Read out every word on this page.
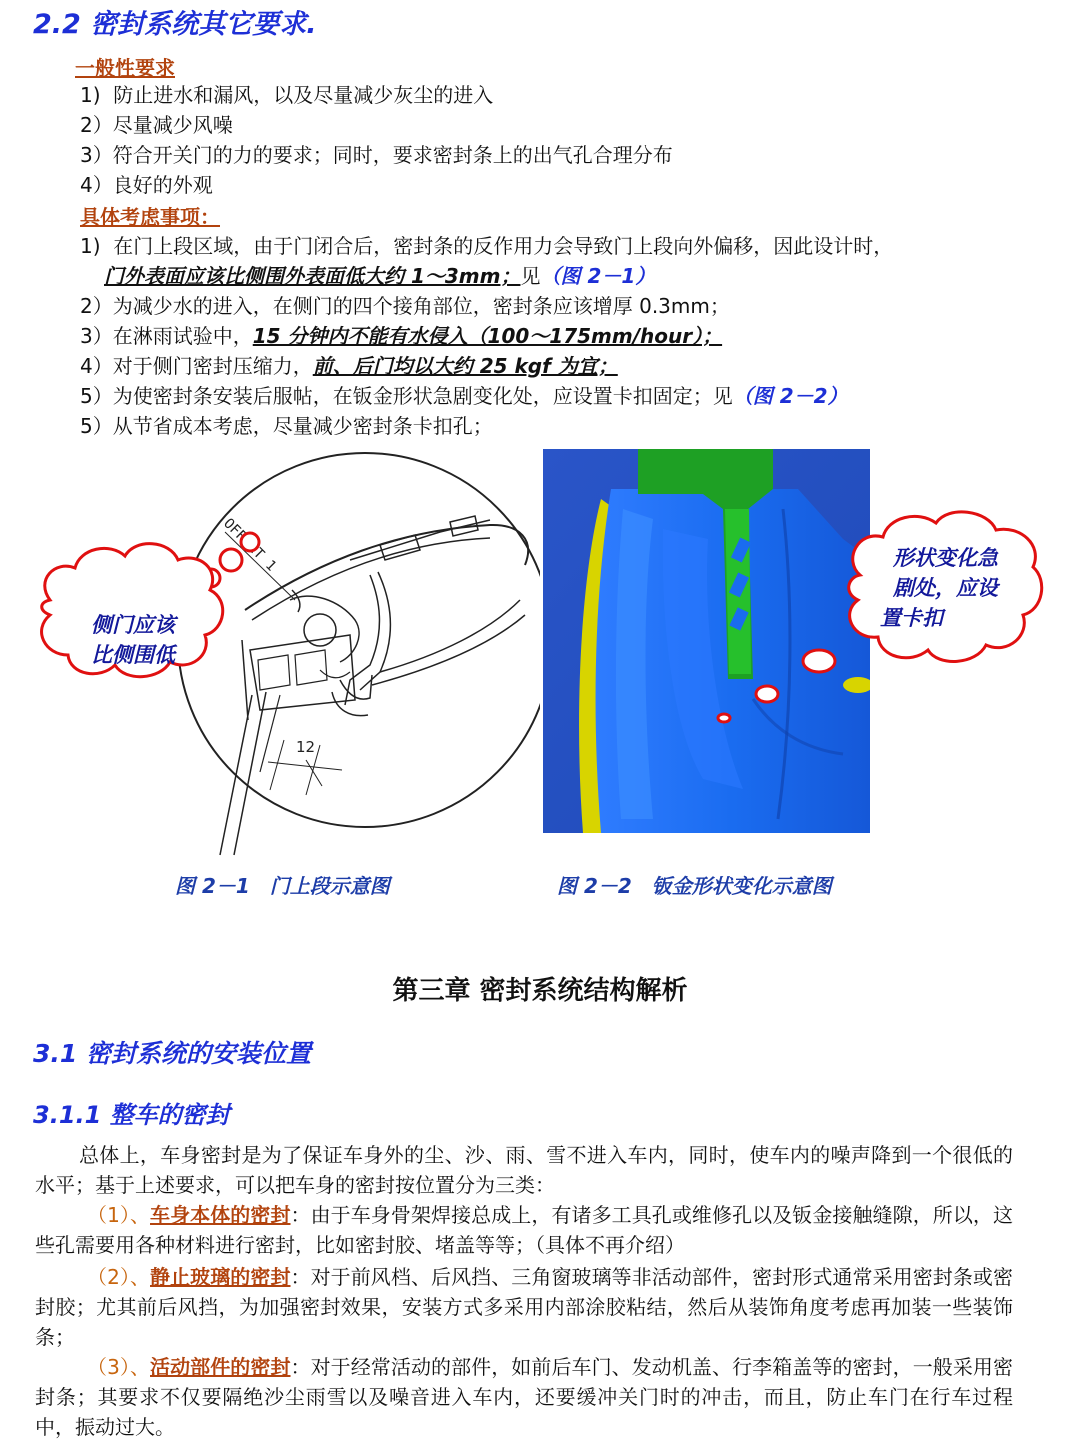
2.2 密封系统其它要求.
一般性要求
1) 防止进水和漏风，以及尽量减少灰尘的进入
2）尽量减少风噪
3）符合开关门的力的要求；同时，要求密封条上的出气孔合理分布
4）良好的外观
具体考虑事项：
1) 在门上段区域，由于门闭合后，密封条的反作用力会导致门上段向外偏移，因此设计时，
门外表面应该比侧围外表面低大约 1～3mm；见（图 2－1）
2）为减少水的进入，在侧门的四个接角部位，密封条应该增厚 0.3mm；
3）在淋雨试验中，15 分钟内不能有水侵入（100～175mm/hour）；
4）对于侧门密封压缩力，前、后门均以大约 25 kgf 为宜；
5）为使密封条安装后服帖，在钣金形状急剧变化处，应设置卡扣固定；见（图 2－2）
5）从节省成本考虑，尽量减少密封条卡扣孔；
1
12
侧门应该
比侧围低
形状变化急
剧处，应设
置卡扣
图 2－1　门上段示意图	图 2－2　钣金形状变化示意图
第三章 密封系统结构解析
3.1 密封系统的安装位置
3.1.1 整车的密封
总体上，车身密封是为了保证车身外的尘、沙、雨、雪不进入车内，同时，使车内的噪声降到一个很低的水平；基于上述要求，可以把车身的密封按位置分为三类：
（1）、车身本体的密封：由于车身骨架焊接总成上，有诸多工具孔或维修孔以及钣金接触缝隙，所以，这些孔需要用各种材料进行密封，比如密封胶、堵盖等等；（具体不再介绍）
（2）、静止玻璃的密封：对于前风档、后风挡、三角窗玻璃等非活动部件，密封形式通常采用密封条或密封胶；尤其前后风挡，为加强密封效果，安装方式多采用内部涂胶粘结，然后从装饰角度考虑再加装一些装饰条；
（3）、活动部件的密封：对于经常活动的部件，如前后车门、发动机盖、行李箱盖等的密封，一般采用密封条；其要求不仅要隔绝沙尘雨雪以及噪音进入车内，还要缓冲关门时的冲击，而且，防止车门在行车过程中，振动过大。
